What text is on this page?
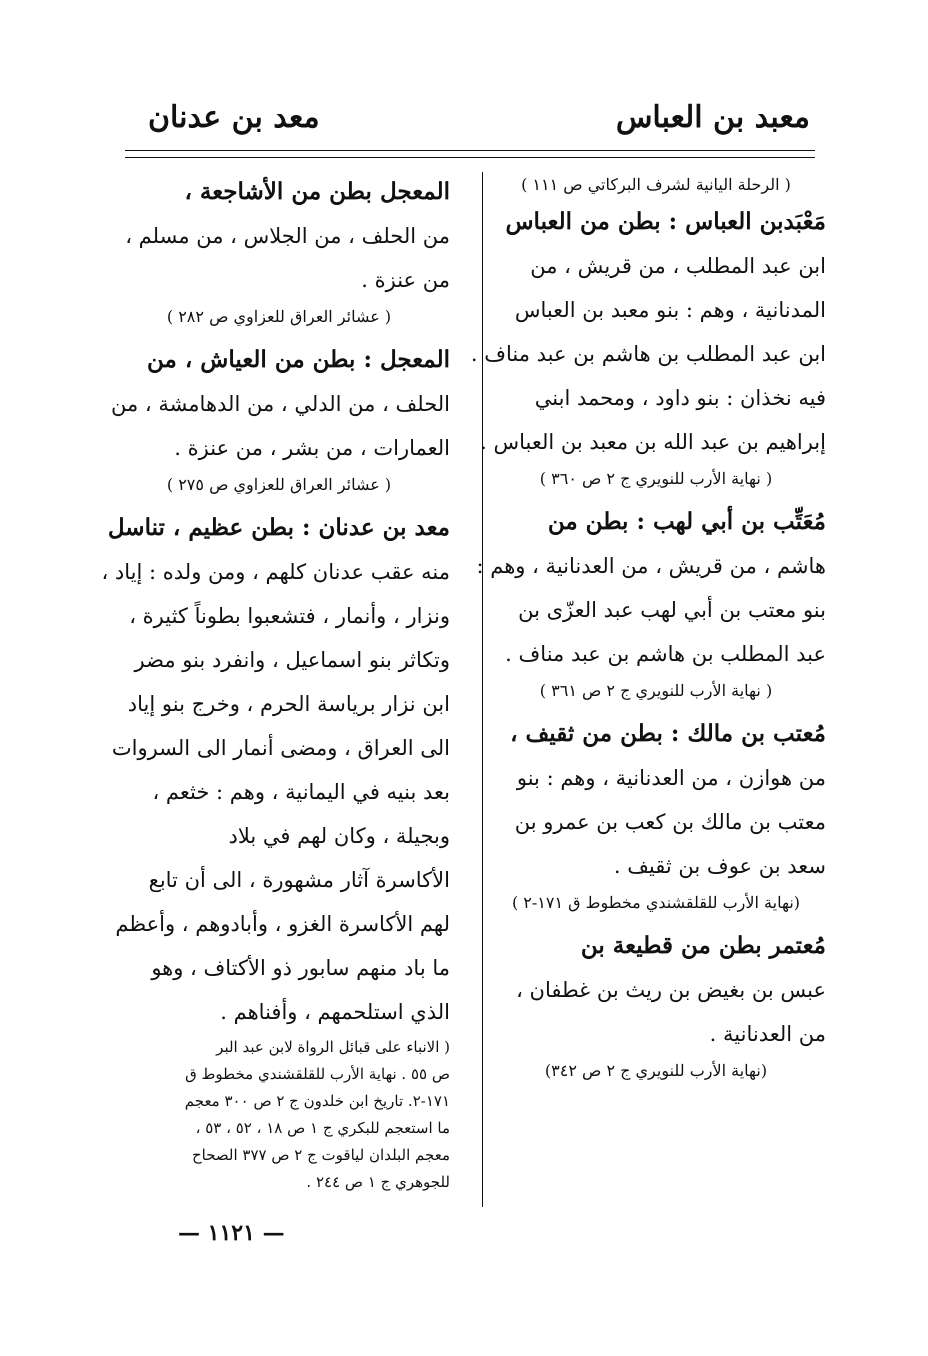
معبد بن العباس
معد بن عدنان
( الرحلة اليانية لشرف البركاتي ص ١١١ )
مَعْبَدبن العباس : بطن من العباس
ابن عبد المطلب ، من قريش ، من
المدنانية ، وهم : بنو معبد بن العباس
ابن عبد المطلب بن هاشم بن عبد مناف .
فيه نخذان : بنو داود ، ومحمد ابني
إبراهيم بن عبد الله بن معبد بن العباس .
( نهاية الأرب للنويري ج ٢ ص ٣٦٠ )
مُعَتِّب بن أبي لهب : بطن من
هاشم ، من قريش ، من العدنانية ، وهم :
بنو معتب بن أبي لهب عبد العزّى بن
عبد المطلب بن هاشم بن عبد مناف .
( نهاية الأرب للنويري ج ٢ ص ٣٦١ )
مُعتب بن مالك : بطن من ثقيف ،
من هوازن ، من العدنانية ، وهم : بنو
معتب بن مالك بن كعب بن عمرو بن
سعد بن عوف بن ثقيف .
(نهاية الأرب للقلقشندي مخطوط ق ١٧١-٢ )
مُعتمر بطن من قطيعة بن
عبس بن بغيض بن ريث بن غطفان ،
من العدنانية .
(نهاية الأرب للنويري ج ٢ ص ٣٤٢)
المعجل بطن من الأشاجعة ،
من الحلف ، من الجلاس ، من مسلم ،
من عنزة .
( عشائر العراق للعزاوي ص ٢٨٢ )
المعجل : بطن من العياش ، من
الحلف ، من الدلي ، من الدهامشة ، من
العمارات ، من بشر ، من عنزة .
( عشائر العراق للعزاوي ص ٢٧٥ )
معد بن عدنان : بطن عظيم ، تناسل
منه عقب عدنان كلهم ، ومن ولده : إياد ،
ونزار ، وأنمار ، فتشعبوا بطوناً كثيرة ،
وتكاثر بنو اسماعيل ، وانفرد بنو مضر
ابن نزار برياسة الحرم ، وخرج بنو إياد
الى العراق ، ومضى أنمار الى السروات
بعد بنيه في اليمانية ، وهم : خثعم ،
وبجيلة ، وكان لهم في بلاد
الأكاسرة آثار مشهورة ، الى أن تابع
لهم الأكاسرة الغزو ، وأبادوهم ، وأعظم
ما باد منهم سابور ذو الأكتاف ، وهو
الذي استلحمهم ، وأفناهم .
( الانباء على قبائل الرواة لابن عبد البر
ص ٥٥ . نهاية الأرب للقلقشندي مخطوط ق
١٧١-٢. تاريخ ابن خلدون ج ٢ ص ٣٠٠ معجم
ما استعجم للبكري ج ١ ص ١٨ ، ٥٢ ، ٥٣ ،
معجم البلدان لياقوت ج ٢ ص ٣٧٧ الصحاح
للجوهري ج ١ ص ٢٤٤ .
— ١١٢١ —
